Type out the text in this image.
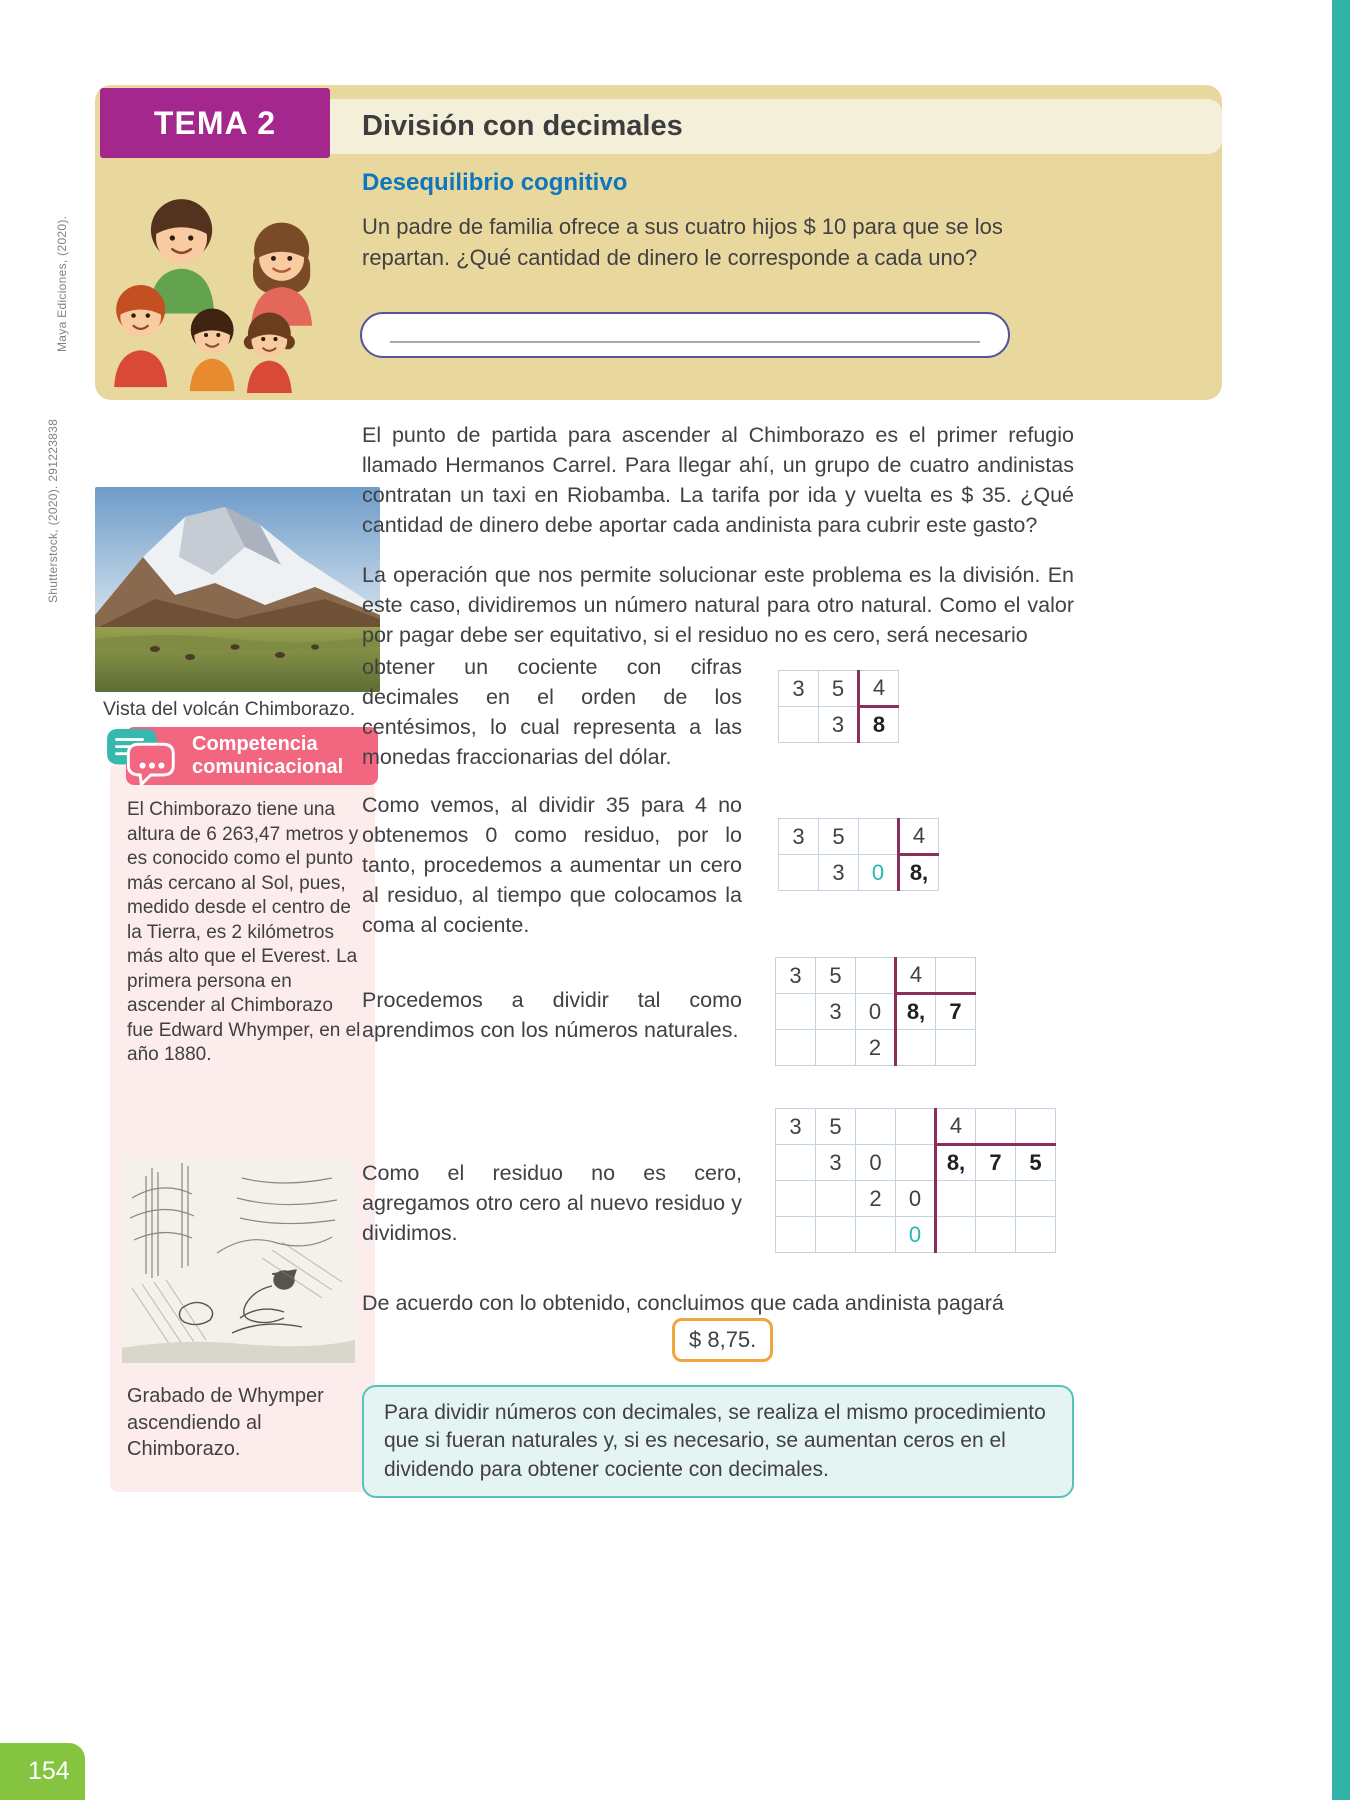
Maya Ediciones, (2020).
Shutterstock, (2020). 291223838
División con decimales
TEMA 2
Desequilibrio cognitivo

Un padre de familia ofrece a sus cuatro hijos $ 10 para que se los repartan. ¿Qué cantidad de dinero le corresponde a cada uno?

Vista del volcán Chimborazo.
Competencia
comunicacional

El Chimborazo tiene una altura de 6 263,47 metros y es conocido como el punto más cercano al Sol, pues, medido desde el centro de la Tierra, es 2 kilómetros más alto que el Everest. La primera persona en ascender al Chimborazo fue Edward Whymper, en el año 1880.

Grabado de Whymper ascendiendo al Chimborazo.

El punto de partida para ascender al Chimborazo es el primer refugio llamado Hermanos Carrel. Para llegar ahí, un grupo de cuatro andinistas contratan un taxi en Riobamba. La tarifa por ida y vuelta es $ 35. ¿Qué cantidad de dinero debe aportar cada andinista para cubrir este gasto?

La operación que nos permite solucionar este problema es la división. En este caso, dividiremos un número natural para otro natural. Como el valor por pagar debe ser equitativo, si el residuo no es cero, será necesario

obtener un cociente con cifras decimales en el orden de los centésimos, lo cual representa a las monedas fraccionarias del dólar.

Como vemos, al dividir 35 para 4 no obtenemos 0 como residuo, por lo tanto, procedemos a aumentar un cero al residuo, al tiempo que colocamos la coma al cociente.

Procedemos a dividir tal como aprendimos con los números naturales.

Como el residuo no es cero, agregamos otro cero al nuevo residuo y dividimos.

De acuerdo con lo obtenido, concluimos que cada andinista pagará

3	5	4
	3	8
3	5		4
	3	0	8,
3	5		4	
	3	0	8,	7
		2		
3	5			4		
	3	0		8,	7	5
		2	0			
			0			
$ 8,75.
Para dividir números con decimales, se realiza el mismo procedimiento que si fueran naturales y, si es necesario, se aumentan ceros en el dividendo para obtener cociente con decimales.
154
